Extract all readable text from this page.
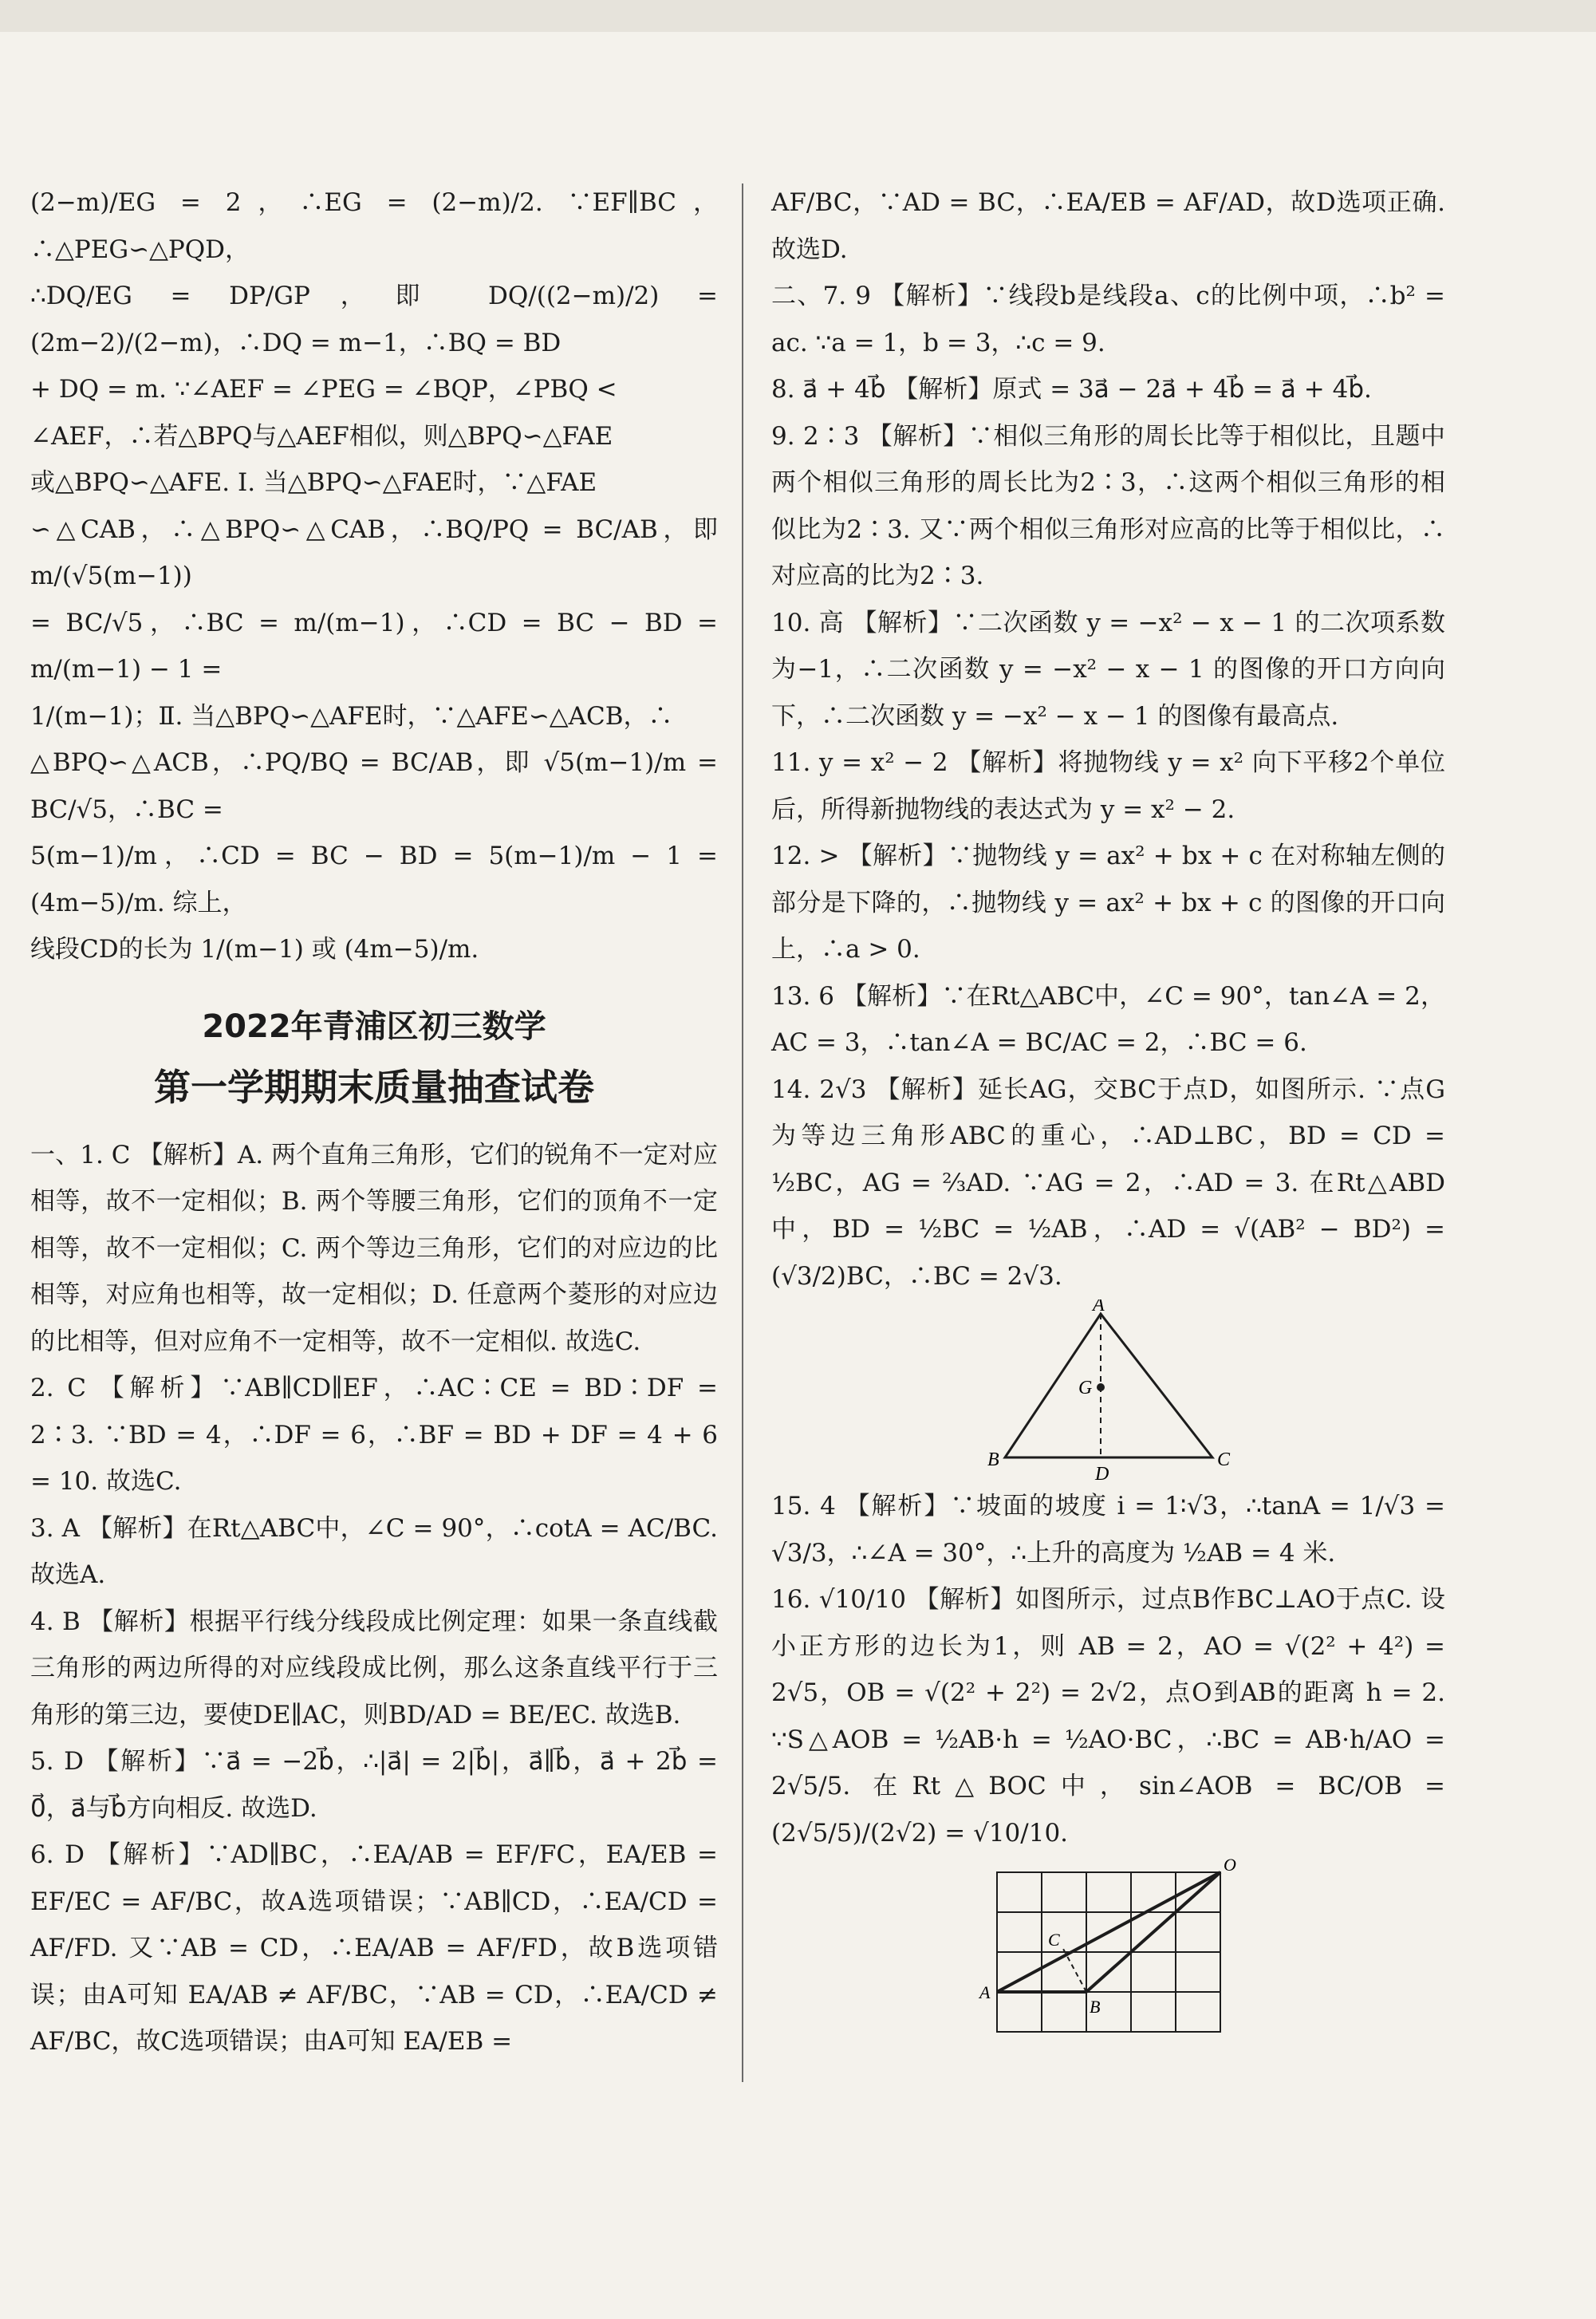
(2−m)/EG = 2，∴EG = (2−m)/2. ∵EF∥BC，∴△PEG∽△PQD，

∴DQ/EG = DP/GP，即 DQ/((2−m)/2) = (2m−2)/(2−m)，∴DQ = m−1，∴BQ = BD

+ DQ = m. ∵∠AEF = ∠PEG = ∠BQP，∠PBQ <

∠AEF，∴若△BPQ与△AEF相似，则△BPQ∽△FAE

或△BPQ∽△AFE. Ⅰ. 当△BPQ∽△FAE时，∵△FAE

∽△CAB，∴△BPQ∽△CAB，∴BQ/PQ = BC/AB，即 m/(√5(m−1))

= BC/√5，∴BC = m/(m−1)，∴CD = BC − BD = m/(m−1) − 1 =

1/(m−1)；Ⅱ. 当△BPQ∽△AFE时，∵△AFE∽△ACB，∴

△BPQ∽△ACB，∴PQ/BQ = BC/AB，即 √5(m−1)/m = BC/√5，∴BC =

5(m−1)/m，∴CD = BC − BD = 5(m−1)/m − 1 = (4m−5)/m. 综上，

线段CD的长为 1/(m−1) 或 (4m−5)/m.

2022年青浦区初三数学
第一学期期末质量抽查试卷

一、1. C 【解析】A. 两个直角三角形，它们的锐角不一定对应相等，故不一定相似；B. 两个等腰三角形，它们的顶角不一定相等，故不一定相似；C. 两个等边三角形，它们的对应边的比相等，对应角也相等，故一定相似；D. 任意两个菱形的对应边的比相等，但对应角不一定相等，故不一定相似. 故选C.

2. C 【解析】∵AB∥CD∥EF，∴AC∶CE = BD∶DF = 2∶3. ∵BD = 4，∴DF = 6，∴BF = BD + DF = 4 + 6 = 10. 故选C.

3. A 【解析】在Rt△ABC中，∠C = 90°，∴cotA = AC/BC. 故选A.

4. B 【解析】根据平行线分线段成比例定理：如果一条直线截三角形的两边所得的对应线段成比例，那么这条直线平行于三角形的第三边，要使DE∥AC，则BD/AD = BE/EC. 故选B.

5. D 【解析】∵a⃗ = −2b⃗，∴|a⃗| = 2|b⃗|，a⃗∥b⃗，a⃗ + 2b⃗ = 0⃗，a⃗与b⃗方向相反. 故选D.

6. D 【解析】∵AD∥BC，∴EA/AB = EF/FC，EA/EB = EF/EC = AF/BC，故A选项错误；∵AB∥CD，∴EA/CD = AF/FD. 又∵AB = CD，∴EA/AB = AF/FD，故B选项错误；由A可知 EA/AB ≠ AF/BC，∵AB = CD，∴EA/CD ≠ AF/BC，故C选项错误；由A可知 EA/EB =

AF/BC，∵AD = BC，∴EA/EB = AF/AD，故D选项正确. 故选D.

二、7. 9 【解析】∵线段b是线段a、c的比例中项，∴b² = ac. ∵a = 1，b = 3，∴c = 9.

8. a⃗ + 4b⃗ 【解析】原式 = 3a⃗ − 2a⃗ + 4b⃗ = a⃗ + 4b⃗.

9. 2∶3 【解析】∵相似三角形的周长比等于相似比，且题中两个相似三角形的周长比为2∶3，∴这两个相似三角形的相似比为2∶3. 又∵两个相似三角形对应高的比等于相似比，∴对应高的比为2∶3.

10. 高 【解析】∵二次函数 y = −x² − x − 1 的二次项系数为−1，∴二次函数 y = −x² − x − 1 的图像的开口方向向下，∴二次函数 y = −x² − x − 1 的图像有最高点.

11. y = x² − 2 【解析】将抛物线 y = x² 向下平移2个单位后，所得新抛物线的表达式为 y = x² − 2.

12. > 【解析】∵抛物线 y = ax² + bx + c 在对称轴左侧的部分是下降的，∴抛物线 y = ax² + bx + c 的图像的开口向上，∴a > 0.

13. 6 【解析】∵在Rt△ABC中，∠C = 90°，tan∠A = 2，AC = 3，∴tan∠A = BC/AC = 2，∴BC = 6.

14. 2√3 【解析】延长AG，交BC于点D，如图所示. ∵点G为等边三角形ABC的重心，∴AD⊥BC，BD = CD = ½BC，AG = ⅔AD. ∵AG = 2，∴AD = 3. 在Rt△ABD中，BD = ½BC = ½AB，∴AD = √(AB² − BD²) = (√3/2)BC，∴BC = 2√3.

A
G
B
D
C

15. 4 【解析】∵坡面的坡度 i = 1∶√3，∴tanA = 1/√3 = √3/3，∴∠A = 30°，∴上升的高度为 ½AB = 4 米.

16. √10/10 【解析】如图所示，过点B作BC⊥AO于点C. 设小正方形的边长为1，则 AB = 2，AO = √(2² + 4²) = 2√5，OB = √(2² + 2²) = 2√2，点O到AB的距离 h = 2. ∵S△AOB = ½AB·h = ½AO·BC，∴BC = AB·h/AO = 2√5/5. 在Rt△BOC中，sin∠AOB = BC/OB = (2√5/5)/(2√2) = √10/10.

O
A
B
C
